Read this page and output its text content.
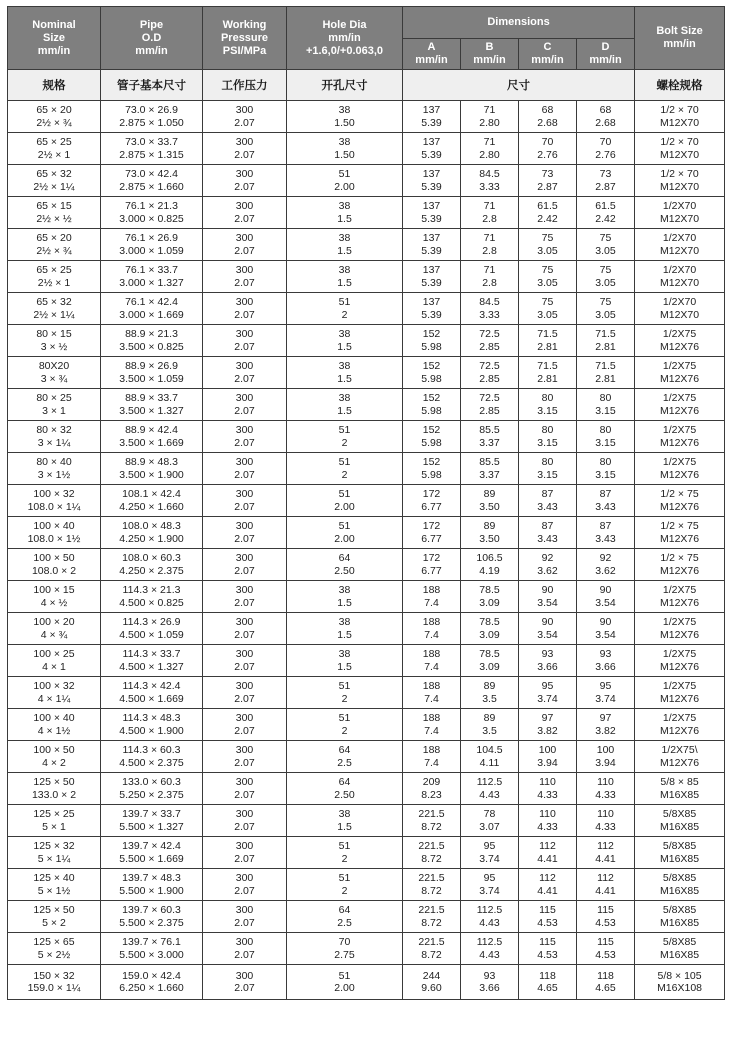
Nominal
Size
mm/in	Pipe
O.D
mm/in	Working
Pressure
PSI/MPa	Hole Dia
mm/in
+1.6,0/+0.063,0	Dimensions				Bolt Size
mm/in

				A
mm/in	B
mm/in	C
mm/in	D
mm/in	

规格	管子基本尺寸	工作压力	开孔尺寸	尺寸				螺栓规格

65 × 20
2½ × ¾	73.0 × 26.9
2.875 × 1.050	300
2.07	38
1.50	137
5.39	71
2.80	68
2.68	68
2.68	1/2 × 70
M12X70

65 × 25
2½ × 1	73.0 × 33.7
2.875 × 1.315	300
2.07	38
1.50	137
5.39	71
2.80	70
2.76	70
2.76	1/2 × 70
M12X70

65 × 32
2½ × 1¼	73.0 × 42.4
2.875 × 1.660	300
2.07	51
2.00	137
5.39	84.5
3.33	73
2.87	73
2.87	1/2 × 70
M12X70

65 × 15
2½ × ½	76.1 × 21.3
3.000 × 0.825	300
2.07	38
1.5	137
5.39	71
2.8	61.5
2.42	61.5
2.42	1/2X70
M12X70

65 × 20
2½ × ¾	76.1 × 26.9
3.000 × 1.059	300
2.07	38
1.5	137
5.39	71
2.8	75
3.05	75
3.05	1/2X70
M12X70

65 × 25
2½ × 1	76.1 × 33.7
3.000 × 1.327	300
2.07	38
1.5	137
5.39	71
2.8	75
3.05	75
3.05	1/2X70
M12X70

65 × 32
2½ × 1¼	76.1 × 42.4
3.000 × 1.669	300
2.07	51
2	137
5.39	84.5
3.33	75
3.05	75
3.05	1/2X70
M12X70

80 × 15
3 × ½	88.9 × 21.3
3.500 × 0.825	300
2.07	38
1.5	152
5.98	72.5
2.85	71.5
2.81	71.5
2.81	1/2X75
M12X76

80X20
3 × ¾	88.9 × 26.9
3.500 × 1.059	300
2.07	38
1.5	152
5.98	72.5
2.85	71.5
2.81	71.5
2.81	1/2X75
M12X76

80 × 25
3 × 1	88.9 × 33.7
3.500 × 1.327	300
2.07	38
1.5	152
5.98	72.5
2.85	80
3.15	80
3.15	1/2X75
M12X76

80 × 32
3 × 1¼	88.9 × 42.4
3.500 × 1.669	300
2.07	51
2	152
5.98	85.5
3.37	80
3.15	80
3.15	1/2X75
M12X76

80 × 40
3 × 1½	88.9 × 48.3
3.500 × 1.900	300
2.07	51
2	152
5.98	85.5
3.37	80
3.15	80
3.15	1/2X75
M12X76

100 × 32
108.0 × 1¼	108.1 × 42.4
4.250 × 1.660	300
2.07	51
2.00	172
6.77	89
3.50	87
3.43	87
3.43	1/2 × 75
M12X76

100 × 40
108.0 × 1½	108.0 × 48.3
4.250 × 1.900	300
2.07	51
2.00	172
6.77	89
3.50	87
3.43	87
3.43	1/2 × 75
M12X76

100 × 50
108.0 × 2	108.0 × 60.3
4.250 × 2.375	300
2.07	64
2.50	172
6.77	106.5
4.19	92
3.62	92
3.62	1/2 × 75
M12X76

100 × 15
4 × ½	114.3 × 21.3
4.500 × 0.825	300
2.07	38
1.5	188
7.4	78.5
3.09	90
3.54	90
3.54	1/2X75
M12X76

100 × 20
4 × ¾	114.3 × 26.9
4.500 × 1.059	300
2.07	38
1.5	188
7.4	78.5
3.09	90
3.54	90
3.54	1/2X75
M12X76

100 × 25
4 × 1	114.3 × 33.7
4.500 × 1.327	300
2.07	38
1.5	188
7.4	78.5
3.09	93
3.66	93
3.66	1/2X75
M12X76

100 × 32
4 × 1¼	114.3 × 42.4
4.500 × 1.669	300
2.07	51
2	188
7.4	89
3.5	95
3.74	95
3.74	1/2X75
M12X76

100 × 40
4 × 1½	114.3 × 48.3
4.500 × 1.900	300
2.07	51
2	188
7.4	89
3.5	97
3.82	97
3.82	1/2X75
M12X76

100 × 50
4 × 2	114.3 × 60.3
4.500 × 2.375	300
2.07	64
2.5	188
7.4	104.5
4.11	100
3.94	100
3.94	1/2X75\
M12X76

125 × 50
133.0 × 2	133.0 × 60.3
5.250 × 2.375	300
2.07	64
2.50	209
8.23	112.5
4.43	110
4.33	110
4.33	5/8 × 85
M16X85

125 × 25
5 × 1	139.7 × 33.7
5.500 × 1.327	300
2.07	38
1.5	221.5
8.72	78
3.07	110
4.33	110
4.33	5/8X85
M16X85

125 × 32
5 × 1¼	139.7 × 42.4
5.500 × 1.669	300
2.07	51
2	221.5
8.72	95
3.74	112
4.41	112
4.41	5/8X85
M16X85

125 × 40
5 × 1½	139.7 × 48.3
5.500 × 1.900	300
2.07	51
2	221.5
8.72	95
3.74	112
4.41	112
4.41	5/8X85
M16X85

125 × 50
5 × 2	139.7 × 60.3
5.500 × 2.375	300
2.07	64
2.5	221.5
8.72	112.5
4.43	115
4.53	115
4.53	5/8X85
M16X85

125 × 65
5 × 2½	139.7 × 76.1
5.500 × 3.000	300
2.07	70
2.75	221.5
8.72	112.5
4.43	115
4.53	115
4.53	5/8X85
M16X85

150 × 32
159.0 × 1¼	159.0 × 42.4
6.250 × 1.660	300
2.07	51
2.00	244
9.60	93
3.66	118
4.65	118
4.65	5/8 × 105
M16X108
